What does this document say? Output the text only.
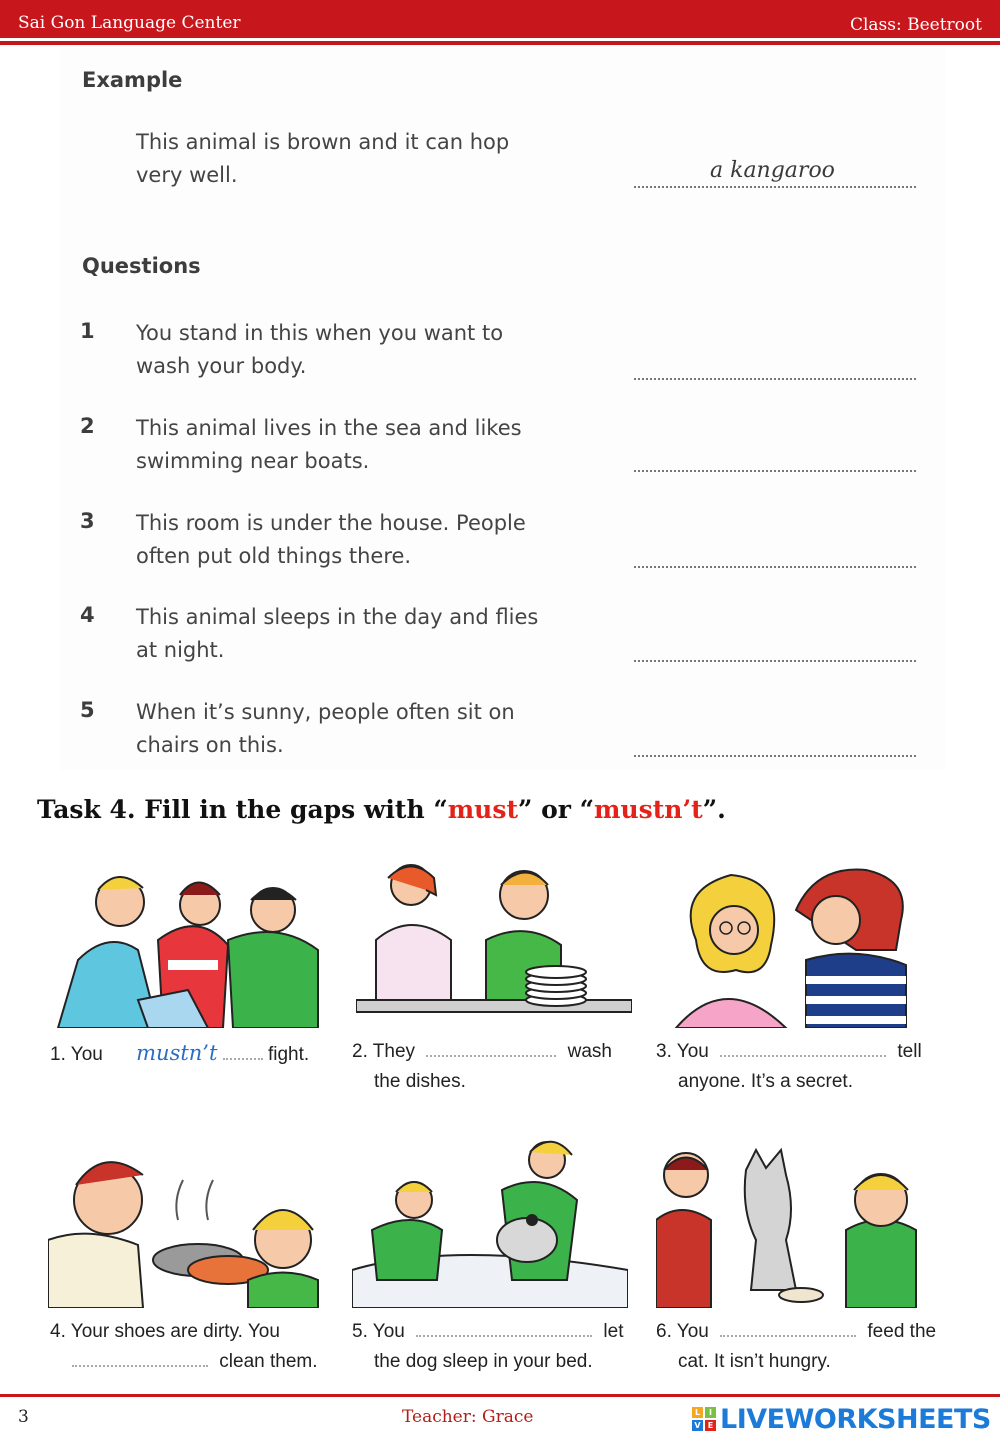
Sai Gon Language Center	Class: Beetroot
Example
This animal is brown and it can hop
very well.	a kangaroo
Questions
1 You stand in this when you want to
wash your body.
2 This animal lives in the sea and likes
swimming near boats.
3 This room is under the house. People
often put old things there.
4 This animal sleeps in the day and flies
at night.
5 When it’s sunny, people often sit on
chairs on this.
Task 4. Fill in the gaps with “must” or “mustn’t”.
1. You mustn’t	fight. 2. They	wash
the dishes.
3. You	tell
anyone. It’s a secret.
4. Your shoes are dirty. You
clean them.
5. You	let
the dog sleep in your bed.
6. You	feed the
cat. It isn’t hungry.
3	Teacher: Grace	L	I
V E LIVEWORKSHEETS
